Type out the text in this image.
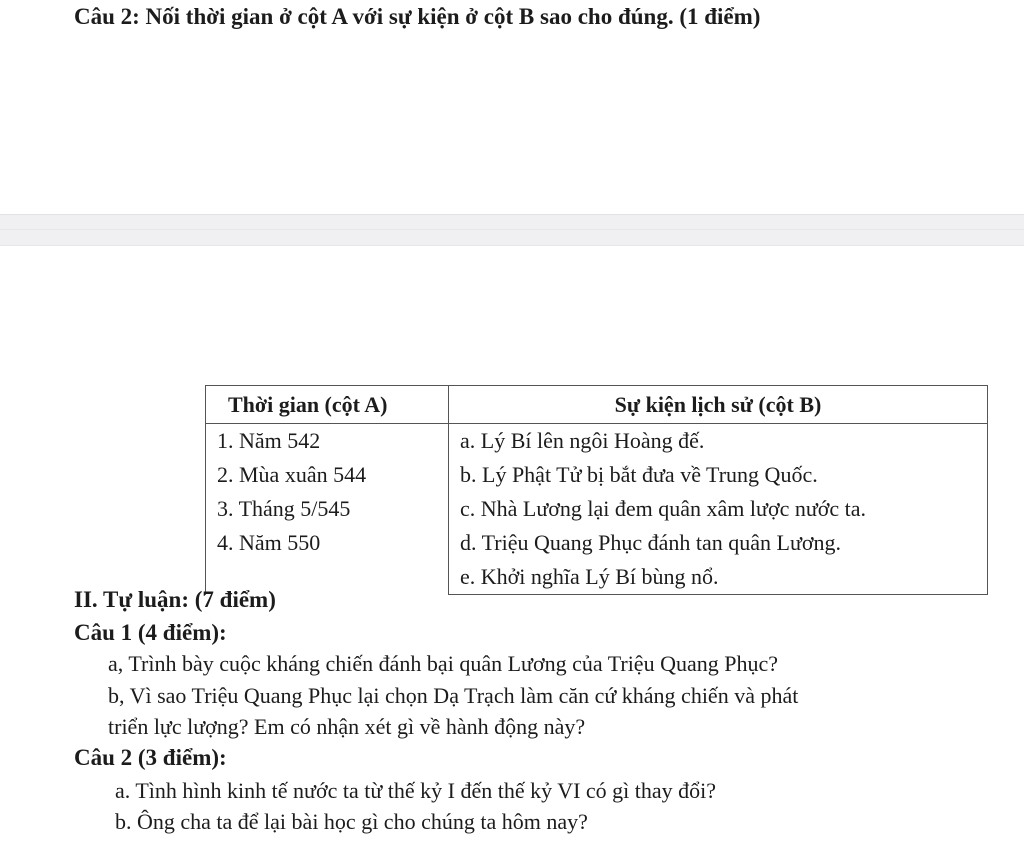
Câu 2: Nối thời gian ở cột A với sự kiện ở cột B sao cho đúng. (1 điểm)
Thời gian (cột A)	Sự kiện lịch sử (cột B)
1. Năm 542	a. Lý Bí lên ngôi Hoàng đế.
2. Mùa xuân 544	b. Lý Phật Tử bị bắt đưa về Trung Quốc.
3. Tháng 5/545	c. Nhà Lương lại đem quân xâm lược nước ta.
4. Năm 550	d. Triệu Quang Phục đánh tan quân Lương.
	e. Khởi nghĩa Lý Bí bùng nổ.
II. Tự luận: (7 điểm)
Câu 1 (4 điểm):
a, Trình bày cuộc kháng chiến đánh bại quân Lương của Triệu Quang Phục?
b, Vì sao Triệu Quang Phục lại chọn Dạ Trạch làm căn cứ kháng chiến và phát
triển lực lượng? Em có nhận xét gì về hành động này?
Câu 2 (3 điểm):
a. Tình hình kinh tế nước ta từ thế kỷ I đến thế kỷ VI có gì thay đổi?
b. Ông cha ta để lại bài học gì cho chúng ta hôm nay?
